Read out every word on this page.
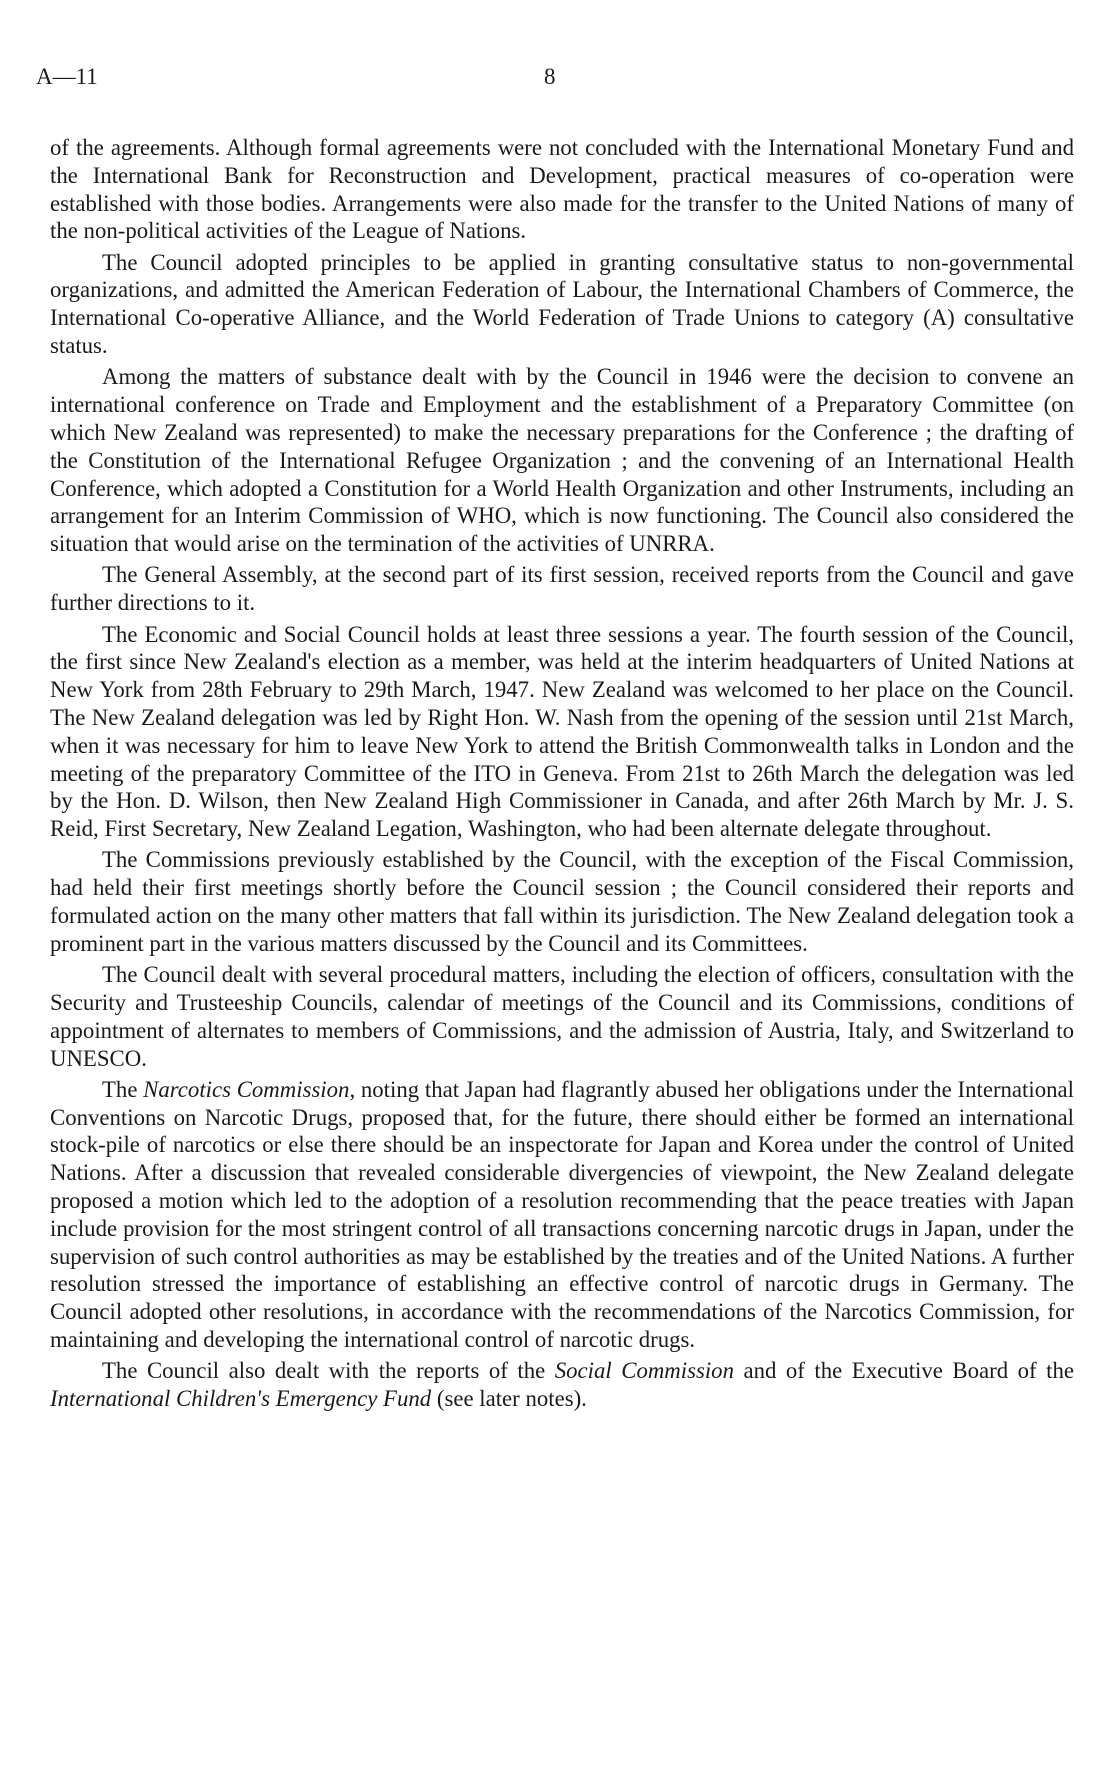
A—11	8

of the agreements. Although formal agreements were not concluded with the International Monetary Fund and the International Bank for Reconstruction and Development, practical measures of co-operation were established with those bodies. Arrangements were also made for the transfer to the United Nations of many of the non-political activities of the League of Nations.

The Council adopted principles to be applied in granting consultative status to non-governmental organizations, and admitted the American Federation of Labour, the International Chambers of Commerce, the International Co-operative Alliance, and the World Federation of Trade Unions to category (A) consultative status.

Among the matters of substance dealt with by the Council in 1946 were the decision to convene an international conference on Trade and Employment and the establishment of a Preparatory Committee (on which New Zealand was represented) to make the necessary preparations for the Conference ; the drafting of the Constitution of the International Refugee Organization ; and the convening of an International Health Conference, which adopted a Constitution for a World Health Organization and other Instruments, including an arrangement for an Interim Commission of WHO, which is now functioning. The Council also considered the situation that would arise on the termination of the activities of UNRRA.

The General Assembly, at the second part of its first session, received reports from the Council and gave further directions to it.

The Economic and Social Council holds at least three sessions a year. The fourth session of the Council, the first since New Zealand's election as a member, was held at the interim headquarters of United Nations at New York from 28th February to 29th March, 1947. New Zealand was welcomed to her place on the Council. The New Zealand delegation was led by Right Hon. W. Nash from the opening of the session until 21st March, when it was necessary for him to leave New York to attend the British Commonwealth talks in London and the meeting of the preparatory Committee of the ITO in Geneva. From 21st to 26th March the delegation was led by the Hon. D. Wilson, then New Zealand High Commissioner in Canada, and after 26th March by Mr. J. S. Reid, First Secretary, New Zealand Legation, Washington, who had been alternate delegate throughout.

The Commissions previously established by the Council, with the exception of the Fiscal Commission, had held their first meetings shortly before the Council session ; the Council considered their reports and formulated action on the many other matters that fall within its jurisdiction. The New Zealand delegation took a prominent part in the various matters discussed by the Council and its Committees.

The Council dealt with several procedural matters, including the election of officers, consultation with the Security and Trusteeship Councils, calendar of meetings of the Council and its Commissions, conditions of appointment of alternates to members of Commissions, and the admission of Austria, Italy, and Switzerland to UNESCO.

The Narcotics Commission, noting that Japan had flagrantly abused her obligations under the International Conventions on Narcotic Drugs, proposed that, for the future, there should either be formed an international stock-pile of narcotics or else there should be an inspectorate for Japan and Korea under the control of United Nations. After a discussion that revealed considerable divergencies of viewpoint, the New Zealand delegate proposed a motion which led to the adoption of a resolution recommending that the peace treaties with Japan include provision for the most stringent control of all transactions concerning narcotic drugs in Japan, under the supervision of such control authorities as may be established by the treaties and of the United Nations. A further resolution stressed the importance of establishing an effective control of narcotic drugs in Germany. The Council adopted other resolutions, in accordance with the recommendations of the Narcotics Commission, for maintaining and developing the international control of narcotic drugs.

The Council also dealt with the reports of the Social Commission and of the Executive Board of the International Children's Emergency Fund (see later notes).
